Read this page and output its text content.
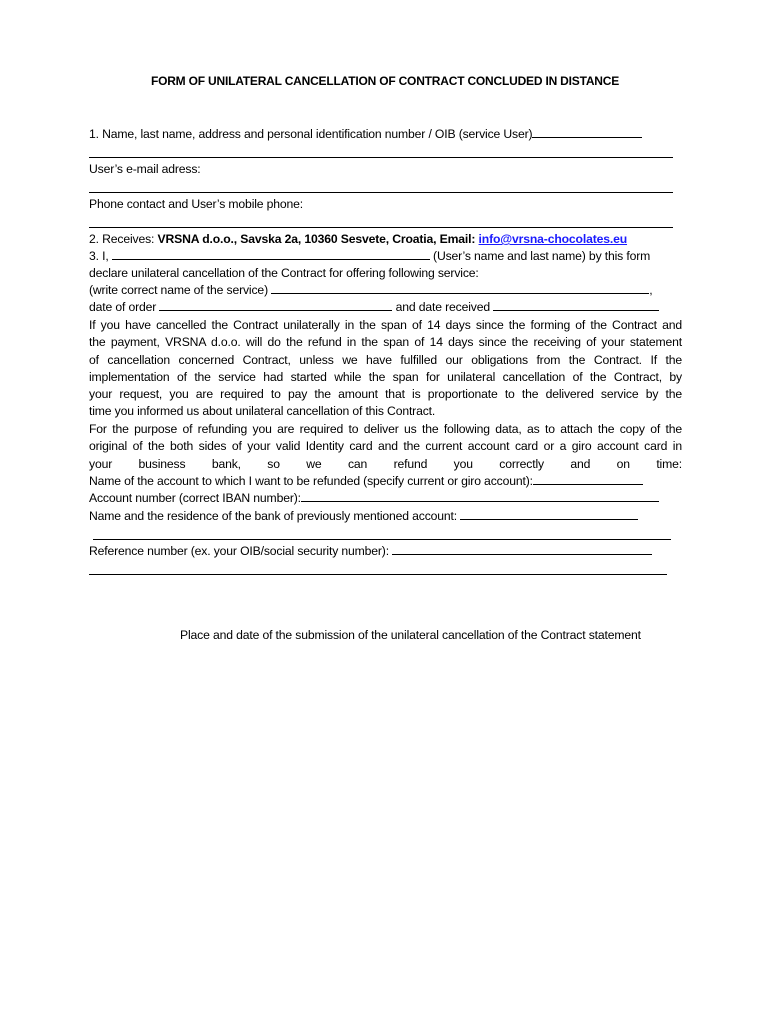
FORM OF UNILATERAL CANCELLATION OF CONTRACT CONCLUDED IN DISTANCE
1. Name, last name, address and personal identification number / OIB (service User)
User’s e-mail adress:
Phone contact and User’s mobile phone:
2. Receives: VRSNA d.o.o., Savska 2a, 10360 Sesvete, Croatia, Email: info@vrsna-chocolates.eu
3. I,	(User’s name and last name) by this form
declare unilateral cancellation of the Contract for offering following service:
(write correct name of the service)	,
date of order	and date received
If you have cancelled the Contract unilaterally in the span of 14 days since the forming of the Contract and
the payment, VRSNA d.o.o. will do the refund in the span of 14 days since the receiving of your statement
of cancellation concerned Contract, unless we have fulfilled our obligations from the Contract. If the
implementation of the service had started while the span for unilateral cancellation of the Contract, by
your request, you are required to pay the amount that is proportionate to the delivered service by the
time you informed us about unilateral cancellation of this Contract.
For the purpose of refunding you are required to deliver us the following data, as to attach the copy of the
original of the both sides of your valid Identity card and the current account card or a giro account card in
your business bank, so we can refund you correctly and on time:
Name of the account to which I want to be refunded (specify current or giro account):
Account number (correct IBAN number):
Name and the residence of the bank of previously mentioned account:
Reference number (ex. your OIB/social security number):
Place and date of the submission of the unilateral cancellation of the Contract statement
